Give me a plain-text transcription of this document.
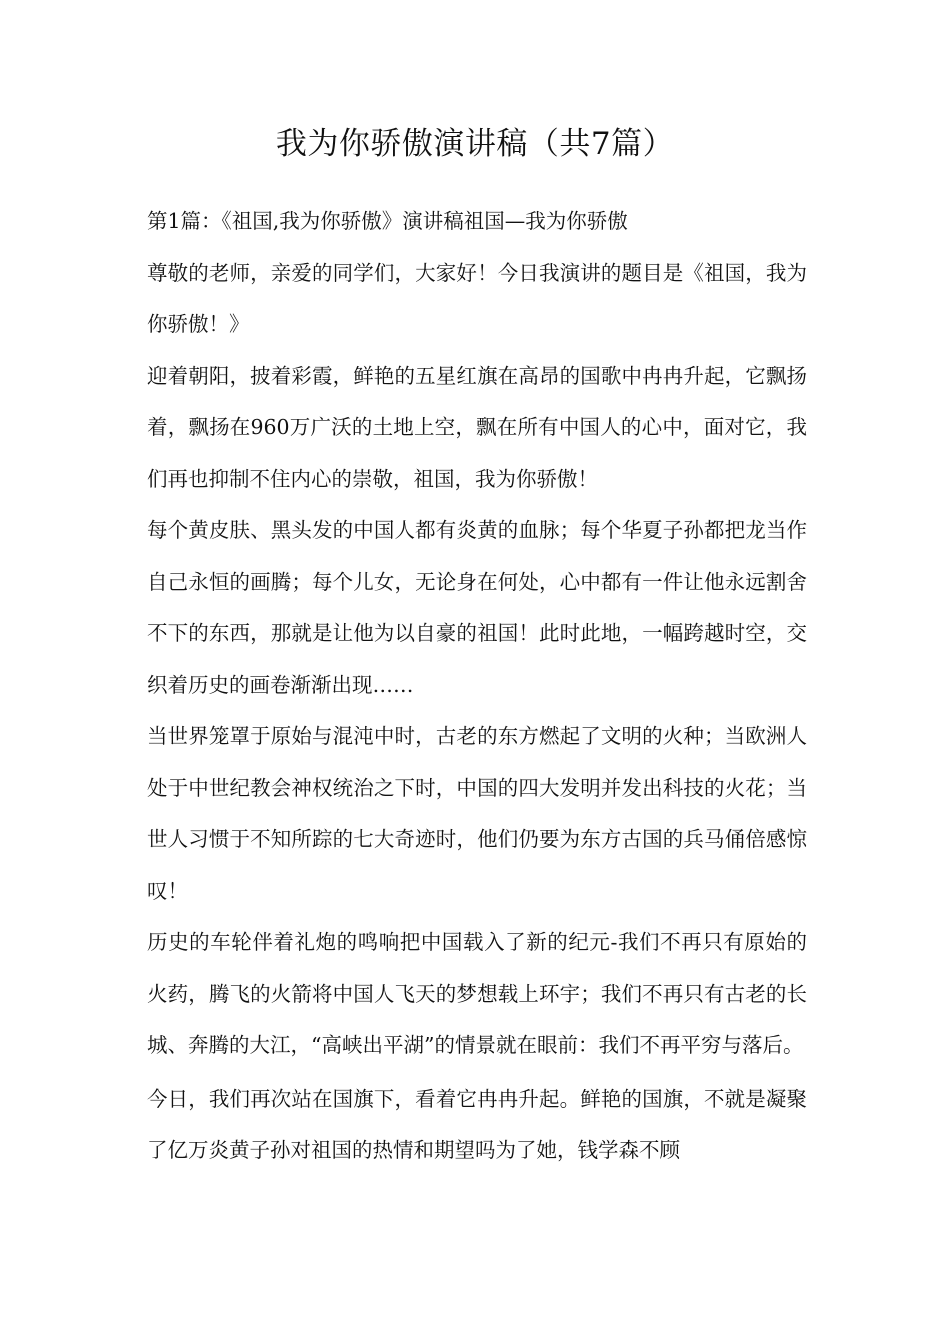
我为你骄傲演讲稿（共7篇）

第1篇：《祖国,我为你骄傲》演讲稿祖国—我为你骄傲

尊敬的老师，亲爱的同学们，大家好！今日我演讲的题目是《祖国，我为你骄傲！》

迎着朝阳，披着彩霞，鲜艳的五星红旗在高昂的国歌中冉冉升起，它飘扬着，飘扬在960万广沃的土地上空，飘在所有中国人的心中，面对它，我们再也抑制不住内心的崇敬，祖国，我为你骄傲！

每个黄皮肤、黑头发的中国人都有炎黄的血脉；每个华夏子孙都把龙当作自己永恒的画腾；每个儿女，无论身在何处，心中都有一件让他永远割舍不下的东西，那就是让他为以自豪的祖国！此时此地，一幅跨越时空，交织着历史的画卷渐渐出现……

当世界笼罩于原始与混沌中时，古老的东方燃起了文明的火种；当欧洲人处于中世纪教会神权统治之下时，中国的四大发明并发出科技的火花；当世人习惯于不知所踪的七大奇迹时，他们仍要为东方古国的兵马俑倍感惊叹！

历史的车轮伴着礼炮的鸣响把中国载入了新的纪元-我们不再只有原始的火药，腾飞的火箭将中国人飞天的梦想载上环宇；我们不再只有古老的长城、奔腾的大江，“高峡出平湖”的情景就在眼前：我们不再平穷与落后。

今日，我们再次站在国旗下，看着它冉冉升起。鲜艳的国旗，不就是凝聚了亿万炎黄子孙对祖国的热情和期望吗为了她，钱学森不顾
